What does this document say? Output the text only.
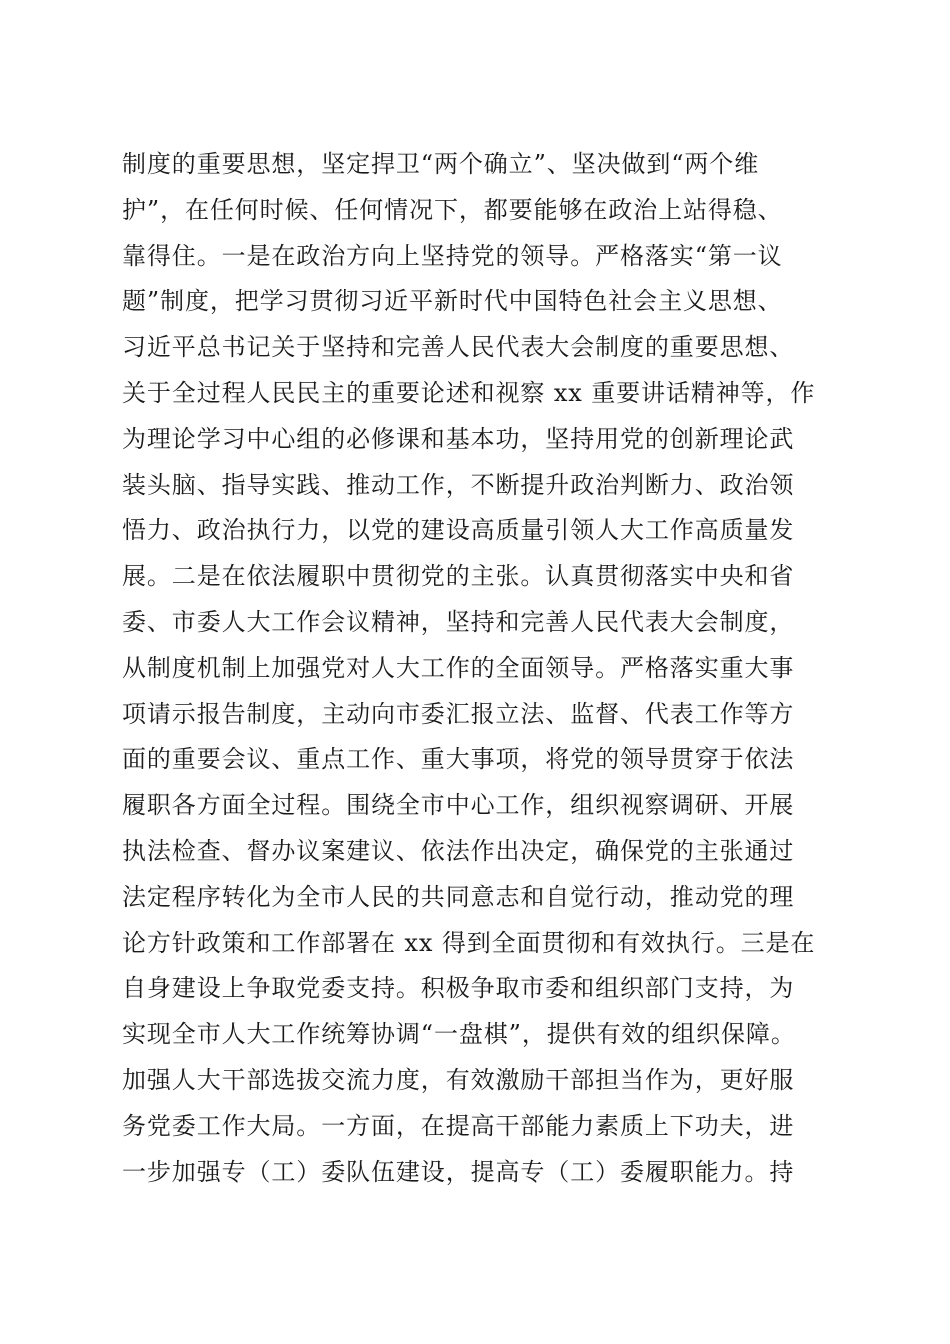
制度的重要思想，坚定捍卫“两个确立”、坚决做到“两个维
护”，在任何时候、任何情况下，都要能够在政治上站得稳、
靠得住。一是在政治方向上坚持党的领导。严格落实“第一议
题”制度，把学习贯彻习近平新时代中国特色社会主义思想、
习近平总书记关于坚持和完善人民代表大会制度的重要思想、
关于全过程人民民主的重要论述和视察 xx 重要讲话精神等，作
为理论学习中心组的必修课和基本功，坚持用党的创新理论武
装头脑、指导实践、推动工作，不断提升政治判断力、政治领
悟力、政治执行力，以党的建设高质量引领人大工作高质量发
展。二是在依法履职中贯彻党的主张。认真贯彻落实中央和省
委、市委人大工作会议精神，坚持和完善人民代表大会制度，
从制度机制上加强党对人大工作的全面领导。严格落实重大事
项请示报告制度，主动向市委汇报立法、监督、代表工作等方
面的重要会议、重点工作、重大事项，将党的领导贯穿于依法
履职各方面全过程。围绕全市中心工作，组织视察调研、开展
执法检查、督办议案建议、依法作出决定，确保党的主张通过
法定程序转化为全市人民的共同意志和自觉行动，推动党的理
论方针政策和工作部署在 xx 得到全面贯彻和有效执行。三是在
自身建设上争取党委支持。积极争取市委和组织部门支持，为
实现全市人大工作统筹协调“一盘棋”，提供有效的组织保障。
加强人大干部选拔交流力度，有效激励干部担当作为，更好服
务党委工作大局。一方面，在提高干部能力素质上下功夫，进
一步加强专（工）委队伍建设，提高专（工）委履职能力。持
